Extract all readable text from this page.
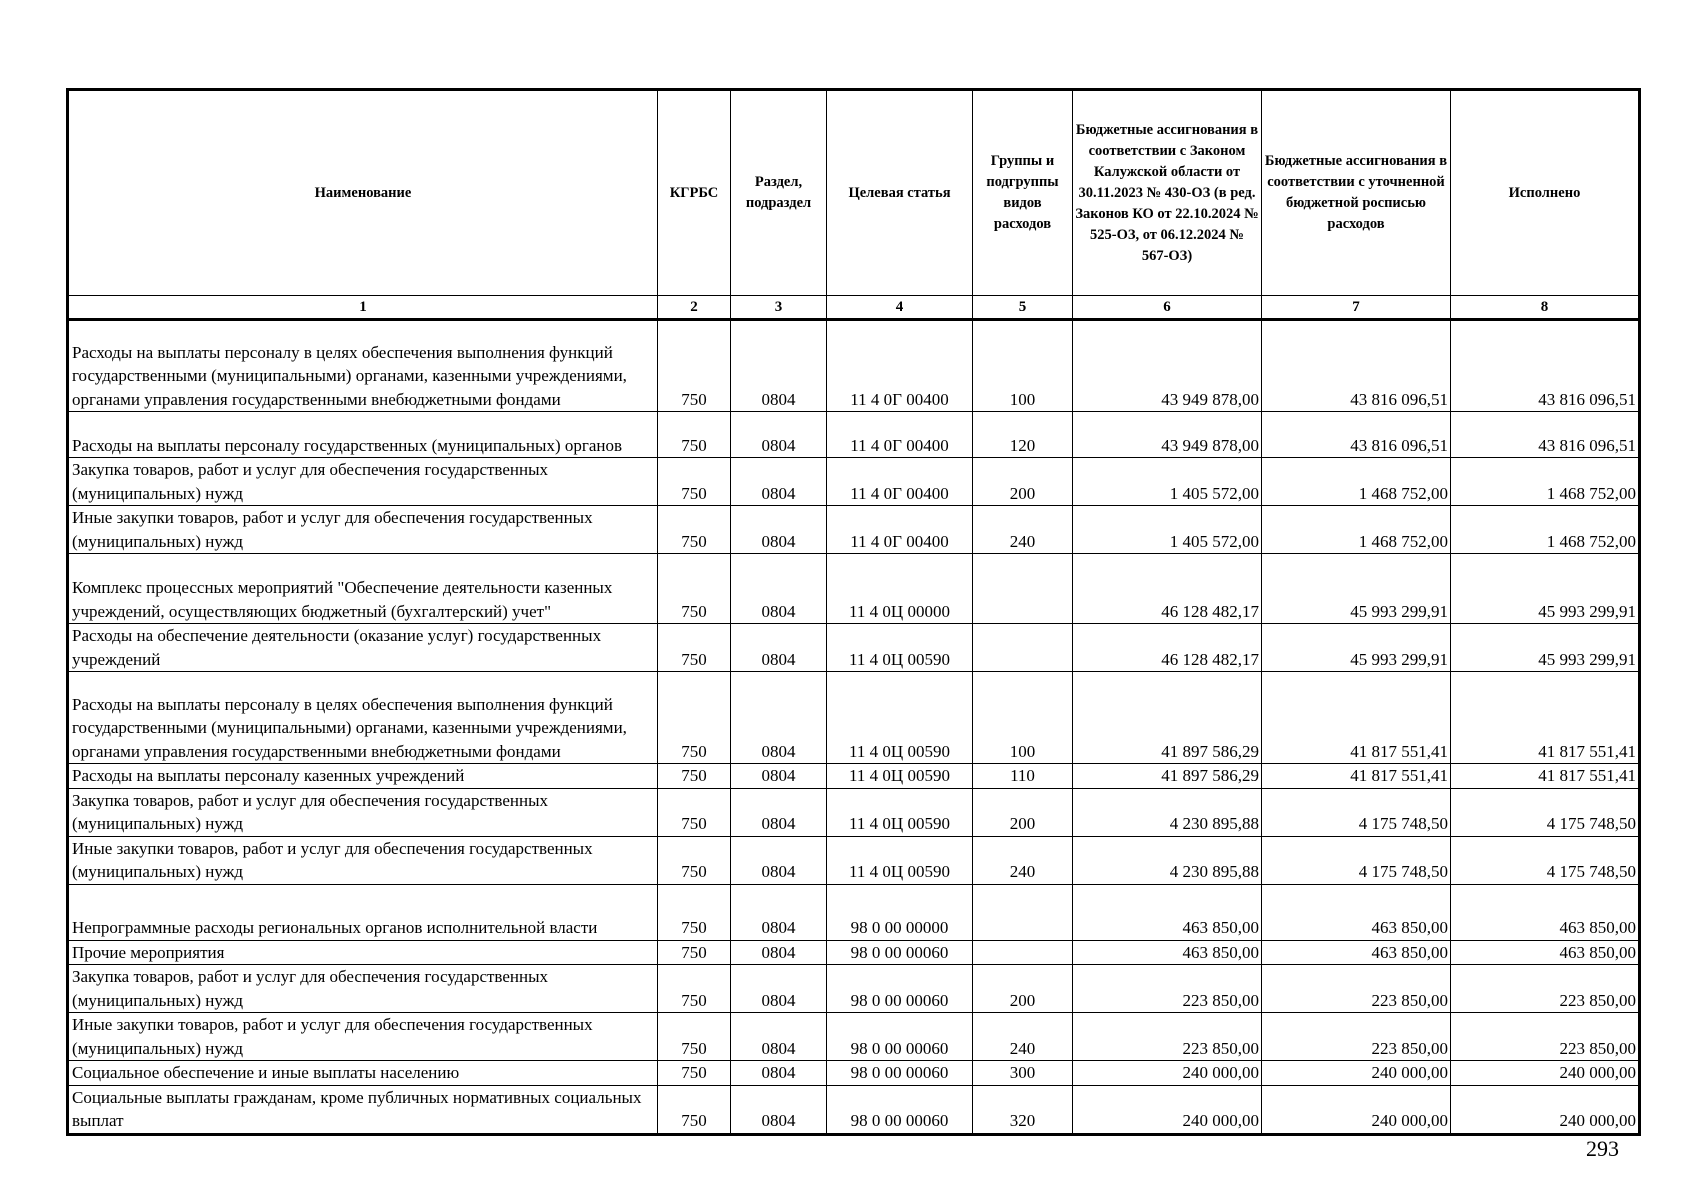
Наименование	КГРБС	Раздел, подраздел	Целевая статья	Группы и подгруппы видов расходов	Бюджетные ассигнования в соответствии с Законом Калужской области от 30.11.2023 № 430-ОЗ (в ред. Законов КО от 22.10.2024 № 525-ОЗ, от 06.12.2024 № 567-ОЗ)	Бюджетные ассигнования в соответствии с уточненной бюджетной росписью расходов	Исполнено
1	2	3	4	5	6	7	8
Расходы на выплаты персоналу в целях обеспечения выполнения функций государственными (муниципальными) органами, казенными учреждениями, органами управления государственными внебюджетными фондами	750	0804	11 4 0Г 00400	100	43 949 878,00	43 816 096,51	43 816 096,51
Расходы на выплаты персоналу государственных (муниципальных) органов	750	0804	11 4 0Г 00400	120	43 949 878,00	43 816 096,51	43 816 096,51
Закупка товаров, работ и услуг для обеспечения государственных (муниципальных) нужд	750	0804	11 4 0Г 00400	200	1 405 572,00	1 468 752,00	1 468 752,00
Иные закупки товаров, работ и услуг для обеспечения государственных (муниципальных) нужд	750	0804	11 4 0Г 00400	240	1 405 572,00	1 468 752,00	1 468 752,00
Комплекс процессных мероприятий "Обеспечение деятельности казенных учреждений, осуществляющих бюджетный (бухгалтерский) учет"	750	0804	11 4 0Ц 00000		46 128 482,17	45 993 299,91	45 993 299,91
Расходы на обеспечение деятельности (оказание услуг) государственных учреждений	750	0804	11 4 0Ц 00590		46 128 482,17	45 993 299,91	45 993 299,91
Расходы на выплаты персоналу в целях обеспечения выполнения функций государственными (муниципальными) органами, казенными учреждениями, органами управления государственными внебюджетными фондами	750	0804	11 4 0Ц 00590	100	41 897 586,29	41 817 551,41	41 817 551,41
Расходы на выплаты персоналу казенных учреждений	750	0804	11 4 0Ц 00590	110	41 897 586,29	41 817 551,41	41 817 551,41
Закупка товаров, работ и услуг для обеспечения государственных (муниципальных) нужд	750	0804	11 4 0Ц 00590	200	4 230 895,88	4 175 748,50	4 175 748,50
Иные закупки товаров, работ и услуг для обеспечения государственных (муниципальных) нужд	750	0804	11 4 0Ц 00590	240	4 230 895,88	4 175 748,50	4 175 748,50
Непрограммные расходы региональных органов исполнительной власти	750	0804	98 0 00 00000		463 850,00	463 850,00	463 850,00
Прочие мероприятия	750	0804	98 0 00 00060		463 850,00	463 850,00	463 850,00
Закупка товаров, работ и услуг для обеспечения государственных (муниципальных) нужд	750	0804	98 0 00 00060	200	223 850,00	223 850,00	223 850,00
Иные закупки товаров, работ и услуг для обеспечения государственных (муниципальных) нужд	750	0804	98 0 00 00060	240	223 850,00	223 850,00	223 850,00
Социальное обеспечение и иные выплаты населению	750	0804	98 0 00 00060	300	240 000,00	240 000,00	240 000,00
Социальные выплаты гражданам, кроме публичных нормативных социальных выплат	750	0804	98 0 00 00060	320	240 000,00	240 000,00	240 000,00
293
